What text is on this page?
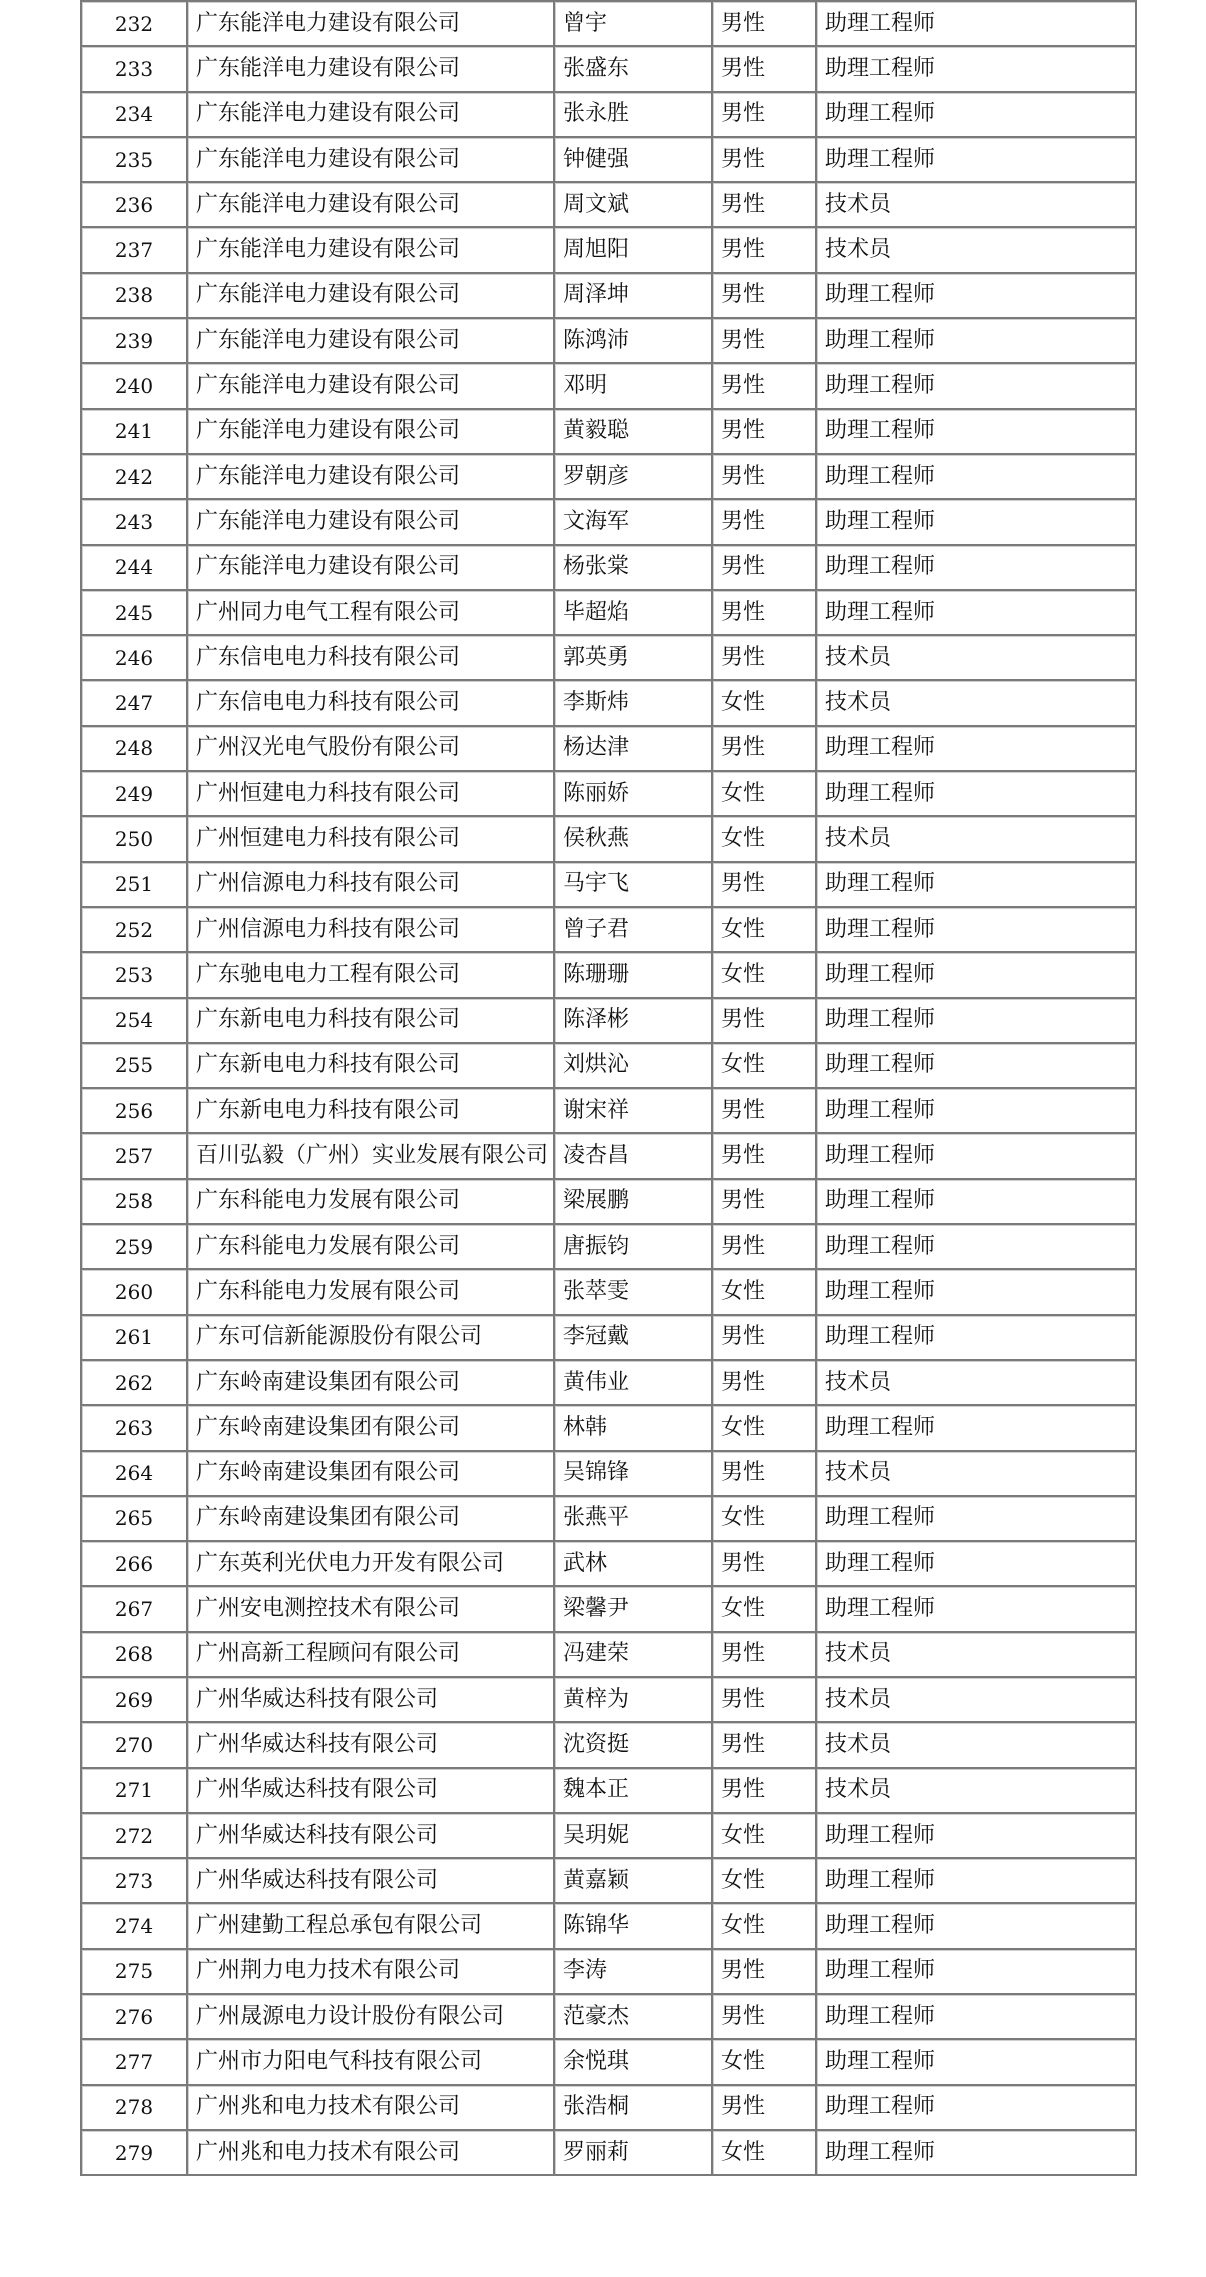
232	广东能洋电力建设有限公司	曾宇	男性	助理工程师
233	广东能洋电力建设有限公司	张盛东	男性	助理工程师
234	广东能洋电力建设有限公司	张永胜	男性	助理工程师
235	广东能洋电力建设有限公司	钟健强	男性	助理工程师
236	广东能洋电力建设有限公司	周文斌	男性	技术员
237	广东能洋电力建设有限公司	周旭阳	男性	技术员
238	广东能洋电力建设有限公司	周泽坤	男性	助理工程师
239	广东能洋电力建设有限公司	陈鸿沛	男性	助理工程师
240	广东能洋电力建设有限公司	邓明	男性	助理工程师
241	广东能洋电力建设有限公司	黄毅聪	男性	助理工程师
242	广东能洋电力建设有限公司	罗朝彦	男性	助理工程师
243	广东能洋电力建设有限公司	文海军	男性	助理工程师
244	广东能洋电力建设有限公司	杨张棠	男性	助理工程师
245	广州同力电气工程有限公司	毕超焰	男性	助理工程师
246	广东信电电力科技有限公司	郭英勇	男性	技术员
247	广东信电电力科技有限公司	李斯炜	女性	技术员
248	广州汉光电气股份有限公司	杨达津	男性	助理工程师
249	广州恒建电力科技有限公司	陈丽娇	女性	助理工程师
250	广州恒建电力科技有限公司	侯秋燕	女性	技术员
251	广州信源电力科技有限公司	马宇飞	男性	助理工程师
252	广州信源电力科技有限公司	曾子君	女性	助理工程师
253	广东驰电电力工程有限公司	陈珊珊	女性	助理工程师
254	广东新电电力科技有限公司	陈泽彬	男性	助理工程师
255	广东新电电力科技有限公司	刘烘沁	女性	助理工程师
256	广东新电电力科技有限公司	谢宋祥	男性	助理工程师
257	百川弘毅（广州）实业发展有限公司	凌杏昌	男性	助理工程师
258	广东科能电力发展有限公司	梁展鹏	男性	助理工程师
259	广东科能电力发展有限公司	唐振钧	男性	助理工程师
260	广东科能电力发展有限公司	张萃雯	女性	助理工程师
261	广东可信新能源股份有限公司	李冠戴	男性	助理工程师
262	广东岭南建设集团有限公司	黄伟业	男性	技术员
263	广东岭南建设集团有限公司	林韩	女性	助理工程师
264	广东岭南建设集团有限公司	吴锦锋	男性	技术员
265	广东岭南建设集团有限公司	张燕平	女性	助理工程师
266	广东英利光伏电力开发有限公司	武林	男性	助理工程师
267	广州安电测控技术有限公司	梁馨尹	女性	助理工程师
268	广州高新工程顾问有限公司	冯建荣	男性	技术员
269	广州华威达科技有限公司	黄梓为	男性	技术员
270	广州华威达科技有限公司	沈资挺	男性	技术员
271	广州华威达科技有限公司	魏本正	男性	技术员
272	广州华威达科技有限公司	吴玥妮	女性	助理工程师
273	广州华威达科技有限公司	黄嘉颖	女性	助理工程师
274	广州建勤工程总承包有限公司	陈锦华	女性	助理工程师
275	广州荆力电力技术有限公司	李涛	男性	助理工程师
276	广州晟源电力设计股份有限公司	范豪杰	男性	助理工程师
277	广州市力阳电气科技有限公司	余悦琪	女性	助理工程师
278	广州兆和电力技术有限公司	张浩桐	男性	助理工程师
279	广州兆和电力技术有限公司	罗丽莉	女性	助理工程师
